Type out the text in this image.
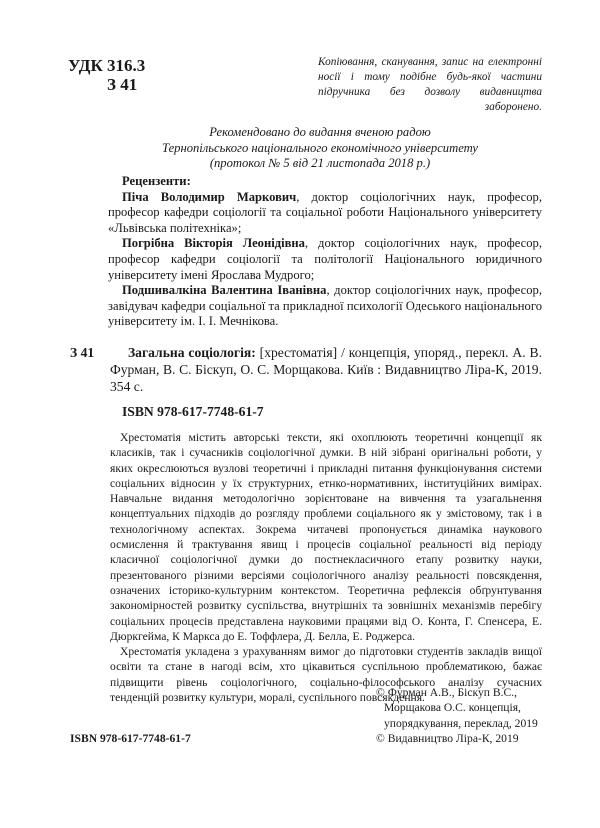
УДК 316.3
З 41
Копіювання, сканування, запис на електронні носії і тому подібне будь-якої частини підручника без дозволу видавництва заборонено.
Рекомендовано до видання вченою радою
Тернопільського національного економічного університету
(протокол № 5 від 21 листопада 2018 р.)

Рецензенти:

Піча Володимир Маркович, доктор соціологічних наук, професор, професор кафедри соціології та соціальної роботи Національного університету «Львівська політехніка»;

Погрібна Вікторія Леонідівна, доктор соціологічних наук, професор, професор кафедри соціології та політології Національного юридичного університету імені Ярослава Мудрого;

Подшивалкіна Валентина Іванівна, доктор соціологічних наук, професор, завідувач кафедри соціальної та прикладної психології Одеського національного університету ім. І. І. Мечнікова.

З 41	Загальна соціологія: [хрестоматія] / концепція, упоряд., перекл. А. В. Фурман, В. С. Біскуп, О. С. Морщакова. Київ : Видавництво Ліра-К, 2019. 354 с.
ISBN 978-617-7748-61-7

Хрестоматія містить авторські тексти, які охоплюють теоретичні концепції як класиків, так і сучасників соціологічної думки. В ній зібрані оригінальні роботи, у яких окреслюються вузлові теоретичні і прикладні питання функціонування системи соціальних відносин у їх структурних, етнко-нормативних, інституційних вимірах. Навчальне видання методологічно зорієнтоване на вивчення та узагальнення концептуальних підходів до розгляду проблеми соціального як у змістовому, так і в технологічному аспектах. Зокрема читачеві пропонується динаміка наукового осмислення й трактування явищ і процесів соціальної реальності від періоду класичної соціологічної думки до постнекласичного етапу розвитку науки, презентованого різними версіями соціологічного аналізу реальності повсякдення, означених історико-культурним контекстом. Теоретична рефлексія обґрунтування закономірностей розвитку суспільства, внутрішніх та зовнішніх механізмів перебігу соціальних процесів представлена науковими працями від О. Конта, Г. Спенсера, Е. Дюркгейма, К Маркса до Е. Тоффлера, Д. Белла, Е. Роджерса.

Хрестоматія укладена з урахуванням вимог до підготовки студентів закладів вищої освіти та стане в нагоді всім, хто цікавиться суспільною проблематикою, бажає підвищити рівень соціологічного, соціально-філософського аналізу сучасних тенденцій розвитку культури, моралі, суспільного повсякдення.

ISBN 978-617-7748-61-7
© Фурман А.В., Біскуп В.С.,
Морщакова О.С. концепція,
упорядкування, переклад, 2019
© Видавництво Ліра-К, 2019
